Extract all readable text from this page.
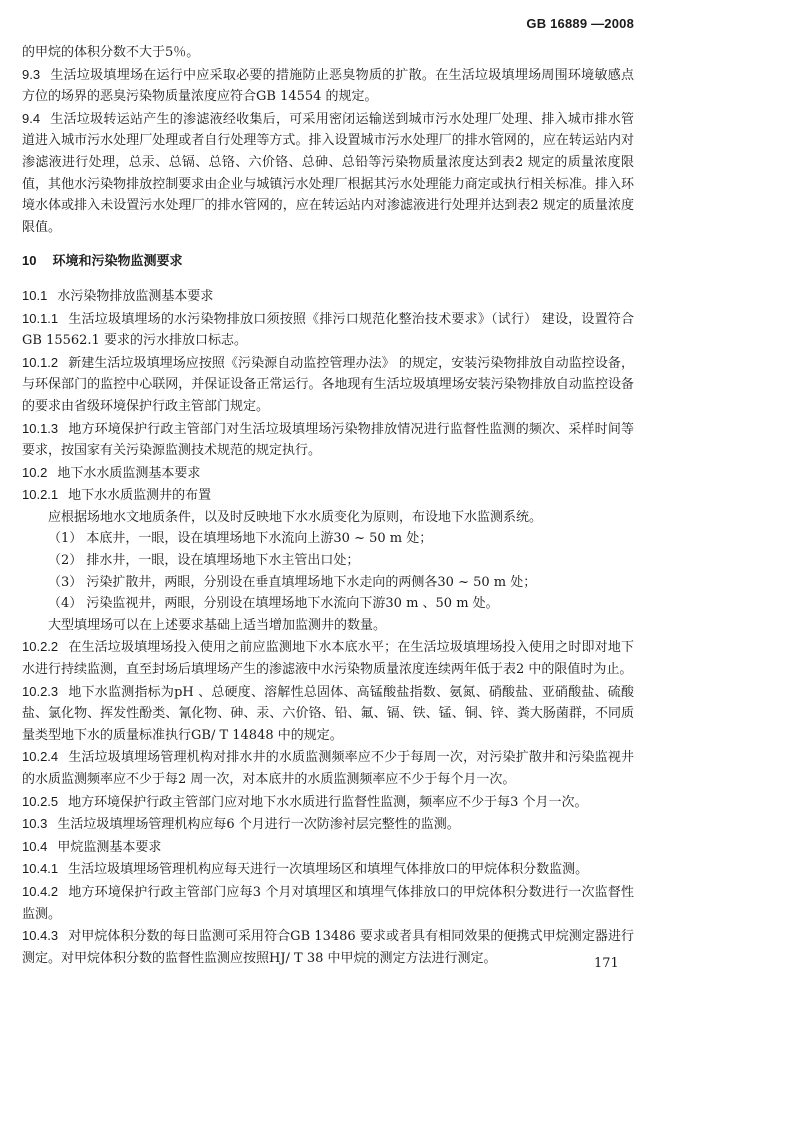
GB 16889 —2008

的甲烷的体积分数不大于5％。

9.3 生活垃圾填埋场在运行中应采取必要的措施防止恶臭物质的扩散。在生活垃圾填埋场周围环境敏感点方位的场界的恶臭污染物质量浓度应符合GB 14554 的规定。

9.4 生活垃圾转运站产生的渗滤液经收集后，可采用密闭运输送到城市污水处理厂处理、排入城市排水管道进入城市污水处理厂处理或者自行处理等方式。排入设置城市污水处理厂的排水管网的，应在转运站内对渗滤液进行处理，总汞、总镉、总铬、六价铬、总砷、总铅等污染物质量浓度达到表2 规定的质量浓度限值，其他水污染物排放控制要求由企业与城镇污水处理厂根据其污水处理能力商定或执行相关标准。排入环境水体或排入未设置污水处理厂的排水管网的，应在转运站内对渗滤液进行处理并达到表2 规定的质量浓度限值。

10 环境和污染物监测要求

10.1 水污染物排放监测基本要求

10.1.1 生活垃圾填埋场的水污染物排放口须按照《排污口规范化整治技术要求》（试行） 建设，设置符合GB 15562.1 要求的污水排放口标志。

10.1.2 新建生活垃圾填埋场应按照《污染源自动监控管理办法》 的规定，安装污染物排放自动监控设备，与环保部门的监控中心联网，并保证设备正常运行。各地现有生活垃圾填埋场安装污染物排放自动监控设备的要求由省级环境保护行政主管部门规定。

10.1.3 地方环境保护行政主管部门对生活垃圾填埋场污染物排放情况进行监督性监测的频次、采样时间等要求，按国家有关污染源监测技术规范的规定执行。

10.2 地下水水质监测基本要求

10.2.1 地下水水质监测井的布置

应根据场地水文地质条件，以及时反映地下水水质变化为原则，布设地下水监测系统。

（1） 本底井，一眼，设在填埋场地下水流向上游30 ~ 50 m 处；

（2） 排水井，一眼，设在填埋场地下水主管出口处；

（3） 污染扩散井，两眼，分别设在垂直填埋场地下水走向的两侧各30 ~ 50 m 处；

（4） 污染监视井，两眼，分别设在填埋场地下水流向下游30 m 、50 m 处。

大型填埋场可以在上述要求基础上适当增加监测井的数量。

10.2.2 在生活垃圾填埋场投入使用之前应监测地下水本底水平；在生活垃圾填埋场投入使用之时即对地下水进行持续监测，直至封场后填埋场产生的渗滤液中水污染物质量浓度连续两年低于表2 中的限值时为止。

10.2.3 地下水监测指标为pH 、总硬度、溶解性总固体、高锰酸盐指数、氨氮、硝酸盐、亚硝酸盐、硫酸盐、氯化物、挥发性酚类、氰化物、砷、汞、六价铬、铅、氟、镉、铁、锰、铜、锌、粪大肠菌群，不同质量类型地下水的质量标准执行GB/ T 14848 中的规定。

10.2.4 生活垃圾填埋场管理机构对排水井的水质监测频率应不少于每周一次，对污染扩散井和污染监视井的水质监测频率应不少于每2 周一次，对本底井的水质监测频率应不少于每个月一次。

10.2.5 地方环境保护行政主管部门应对地下水水质进行监督性监测，频率应不少于每3 个月一次。

10.3 生活垃圾填埋场管理机构应每6 个月进行一次防渗衬层完整性的监测。

10.4 甲烷监测基本要求

10.4.1 生活垃圾填埋场管理机构应每天进行一次填埋场区和填埋气体排放口的甲烷体积分数监测。

10.4.2 地方环境保护行政主管部门应每3 个月对填埋区和填埋气体排放口的甲烷体积分数进行一次监督性监测。

10.4.3 对甲烷体积分数的每日监测可采用符合GB 13486 要求或者具有相同效果的便携式甲烷测定器进行测定。对甲烷体积分数的监督性监测应按照HJ/ T 38 中甲烷的测定方法进行测定。	171
